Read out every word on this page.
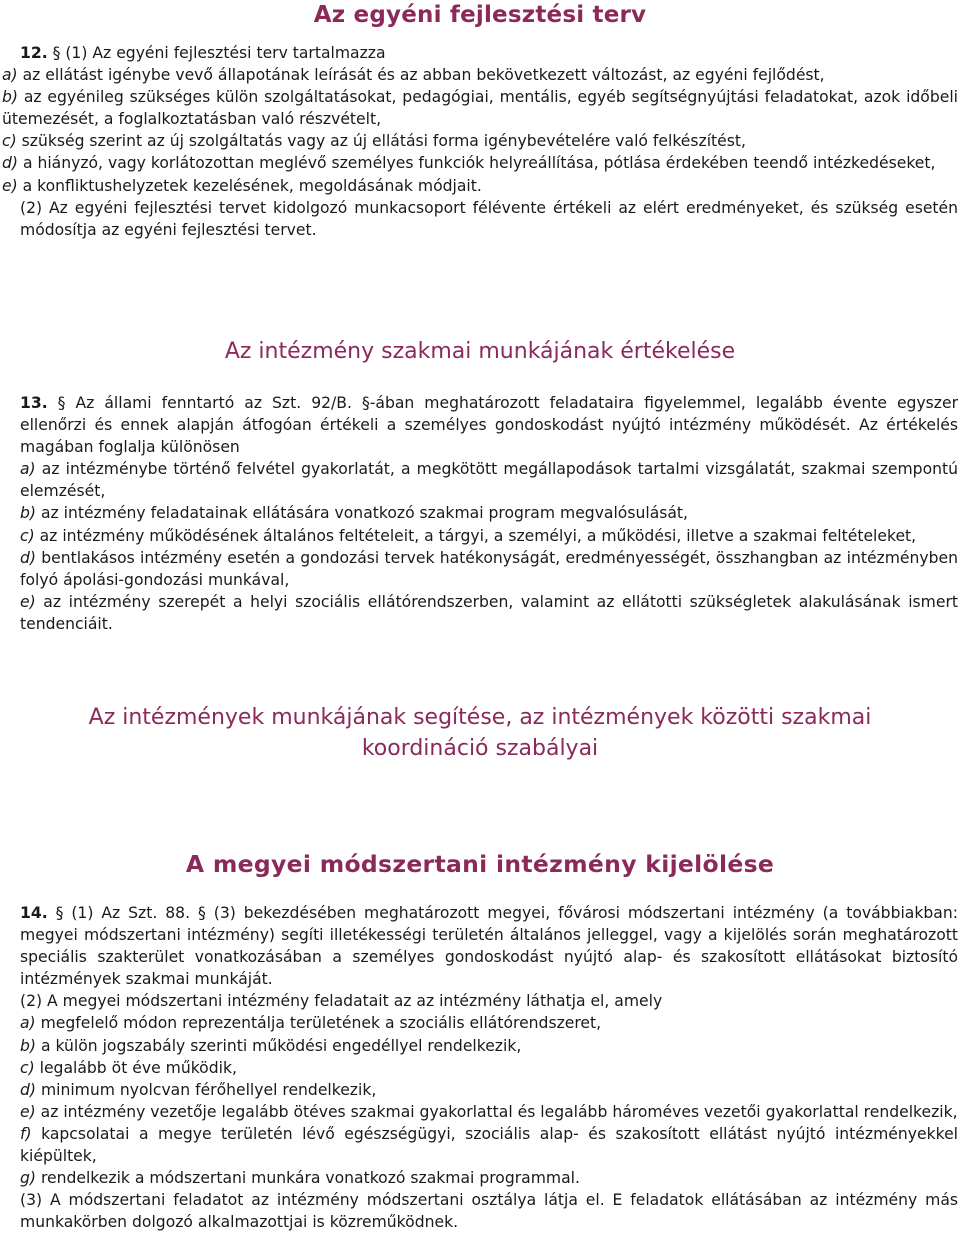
Az egyéni fejlesztési terv

12. § (1) Az egyéni fejlesztési terv tartalmazza

a) az ellátást igénybe vevő állapotának leírását és az abban bekövetkezett változást, az egyéni fejlődést,

b) az egyénileg szükséges külön szolgáltatásokat, pedagógiai, mentális, egyéb segítségnyújtási feladatokat, azok időbeli ütemezését, a foglalkoztatásban való részvételt,

c) szükség szerint az új szolgáltatás vagy az új ellátási forma igénybevételére való felkészítést,

d) a hiányzó, vagy korlátozottan meglévő személyes funkciók helyreállítása, pótlása érdekében teendő intézkedéseket,

e) a konfliktushelyzetek kezelésének, megoldásának módjait.

(2) Az egyéni fejlesztési tervet kidolgozó munkacsoport félévente értékeli az elért eredményeket, és szükség esetén módosítja az egyéni fejlesztési tervet.

Az intézmény szakmai munkájának értékelése

13. § Az állami fenntartó az Szt. 92/B. §-ában meghatározott feladataira figyelemmel, legalább évente egyszer ellenőrzi és ennek alapján átfogóan értékeli a személyes gondoskodást nyújtó intézmény működését. Az értékelés magában foglalja különösen

a) az intézménybe történő felvétel gyakorlatát, a megkötött megállapodások tartalmi vizsgálatát, szakmai szempontú elemzését,

b) az intézmény feladatainak ellátására vonatkozó szakmai program megvalósulását,

c) az intézmény működésének általános feltételeit, a tárgyi, a személyi, a működési, illetve a szakmai feltételeket,

d) bentlakásos intézmény esetén a gondozási tervek hatékonyságát, eredményességét, összhangban az intézményben folyó ápolási-gondozási munkával,

e) az intézmény szerepét a helyi szociális ellátórendszerben, valamint az ellátotti szükségletek alakulásának ismert tendenciáit.

Az intézmények munkájának segítése, az intézmények közötti szakmai
koordináció szabályai
A megyei módszertani intézmény kijelölése

14. § (1) Az Szt. 88. § (3) bekezdésében meghatározott megyei, fővárosi módszertani intézmény (a továbbiakban: megyei módszertani intézmény) segíti illetékességi területén általános jelleggel, vagy a kijelölés során meghatározott speciális szakterület vonatkozásában a személyes gondoskodást nyújtó alap- és szakosított ellátásokat biztosító intézmények szakmai munkáját.

(2) A megyei módszertani intézmény feladatait az az intézmény láthatja el, amely

a) megfelelő módon reprezentálja területének a szociális ellátórendszeret,

b) a külön jogszabály szerinti működési engedéllyel rendelkezik,

c) legalább öt éve működik,

d) minimum nyolcvan férőhellyel rendelkezik,

e) az intézmény vezetője legalább ötéves szakmai gyakorlattal és legalább hároméves vezetői gyakorlattal rendelkezik,

f) kapcsolatai a megye területén lévő egészségügyi, szociális alap- és szakosított ellátást nyújtó intézményekkel kiépültek,

g) rendelkezik a módszertani munkára vonatkozó szakmai programmal.

(3) A módszertani feladatot az intézmény módszertani osztálya látja el. E feladatok ellátásában az intézmény más munkakörben dolgozó alkalmazottjai is közreműködnek.
